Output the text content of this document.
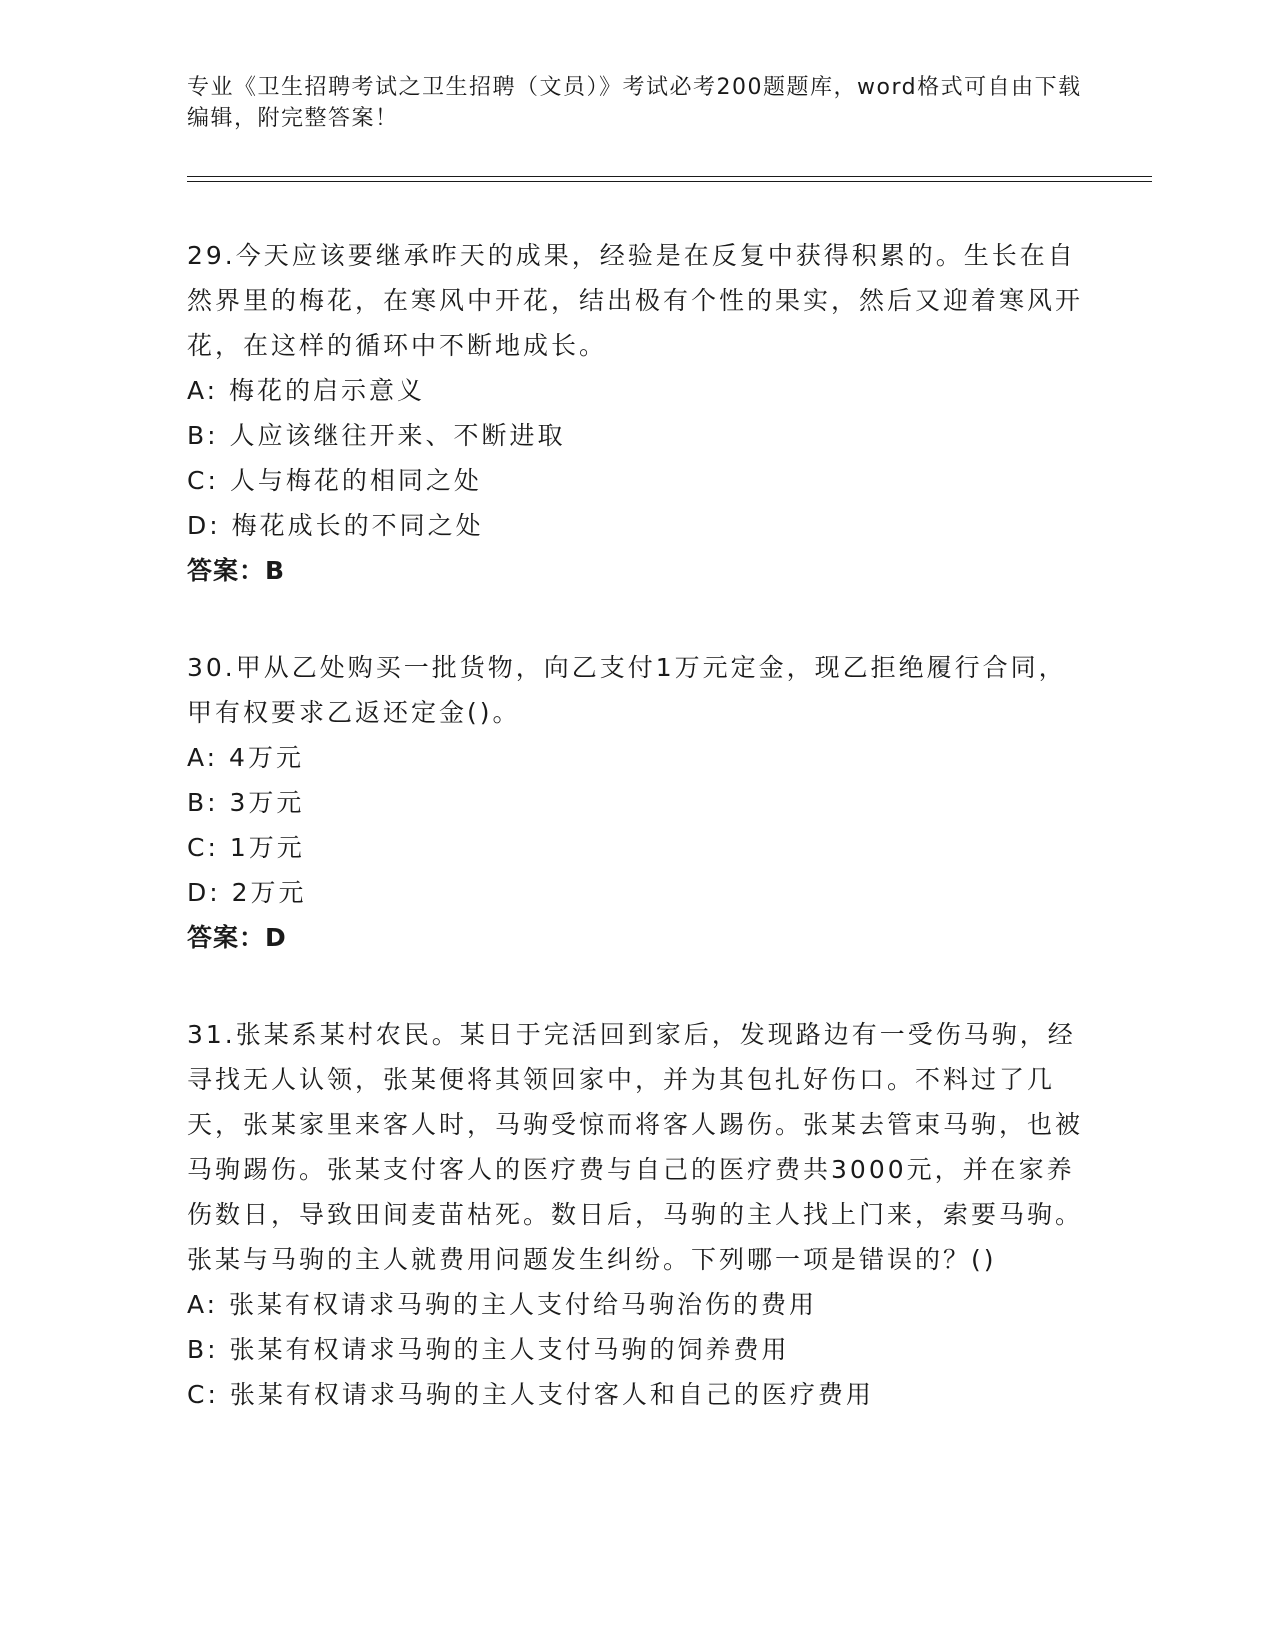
专业《卫生招聘考试之卫生招聘（文员）》考试必考200题题库，word格式可自由下载编辑，附完整答案！
29.今天应该要继承昨天的成果，经验是在反复中获得积累的。生长在自然界里的梅花，在寒风中开花，结出极有个性的果实，然后又迎着寒风开花，在这样的循环中不断地成长。
A: 梅花的启示意义
B: 人应该继往开来、不断进取
C: 人与梅花的相同之处
D: 梅花成长的不同之处
答案：B
30.甲从乙处购买一批货物，向乙支付1万元定金，现乙拒绝履行合同，甲有权要求乙返还定金()。
A: 4万元
B: 3万元
C: 1万元
D: 2万元
答案：D
31.张某系某村农民。某日于完活回到家后，发现路边有一受伤马驹，经寻找无人认领，张某便将其领回家中，并为其包扎好伤口。不料过了几天，张某家里来客人时，马驹受惊而将客人踢伤。张某去管束马驹，也被马驹踢伤。张某支付客人的医疗费与自己的医疗费共3000元，并在家养伤数日，导致田间麦苗枯死。数日后，马驹的主人找上门来，索要马驹。张某与马驹的主人就费用问题发生纠纷。下列哪一项是错误的？()
A: 张某有权请求马驹的主人支付给马驹治伤的费用
B: 张某有权请求马驹的主人支付马驹的饲养费用
C: 张某有权请求马驹的主人支付客人和自己的医疗费用
